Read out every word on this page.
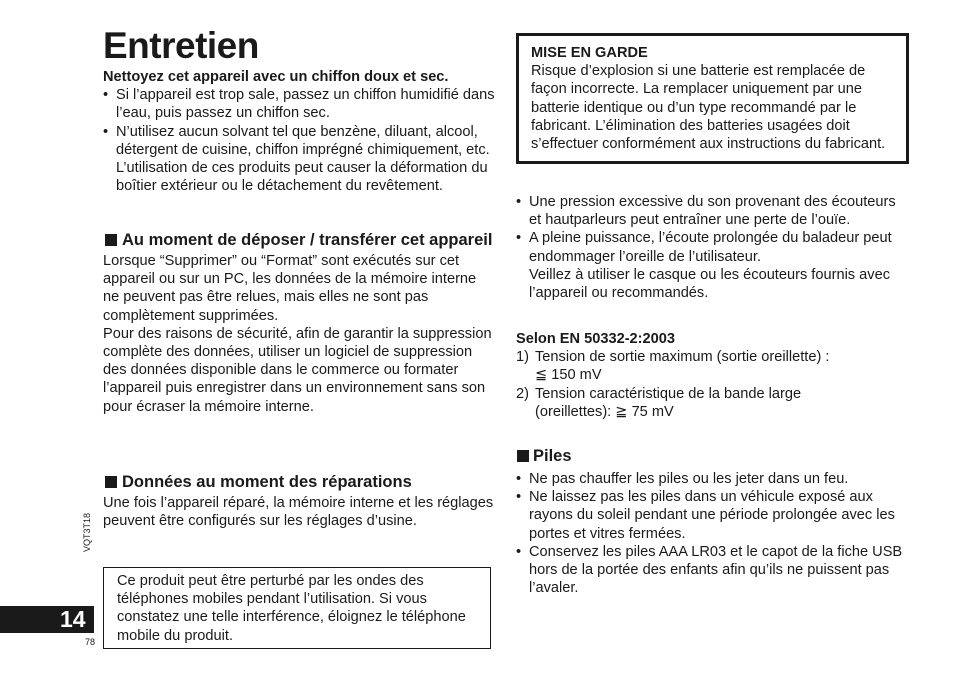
Entretien
Nettoyez cet appareil avec un chiffon doux et sec.
• Si l’appareil est trop sale, passez un chiffon humidifié dans l’eau, puis passez un chiffon sec.
• N’utilisez aucun solvant tel que benzène, diluant, alcool, détergent de cuisine, chiffon imprégné chimiquement, etc. L’utilisation de ces produits peut causer la déformation du boîtier extérieur ou le détachement du revêtement.
Au moment de déposer / transférer cet appareil
Lorsque “Supprimer” ou “Format” sont exécutés sur cet appareil ou sur un PC, les données de la mémoire interne ne peuvent pas être relues, mais elles ne sont pas complètement supprimées.
Pour des raisons de sécurité, afin de garantir la suppression complète des données, utiliser un logiciel de suppression des données disponible dans le commerce ou formater l’appareil puis enregistrer dans un environnement sans son pour écraser la mémoire interne.
Données au moment des réparations
Une fois l’appareil réparé, la mémoire interne et les réglages peuvent être configurés sur les réglages d’usine.
Ce produit peut être perturbé par les ondes des téléphones mobiles pendant l’utilisation. Si vous constatez une telle interférence, éloignez le téléphone mobile du produit.
VQT3T18
14
78
MISE EN GARDE
Risque d’explosion si une batterie est remplacée de façon incorrecte. La remplacer uniquement par une batterie identique ou d’un type recommandé par le fabricant. L’élimination des batteries usagées doit s’effectuer conformément aux instructions du fabricant.
• Une pression excessive du son provenant des écouteurs et hautparleurs peut entraîner une perte de l’ouïe.
• A pleine puissance, l’écoute prolongée du baladeur peut endommager l’oreille de l’utilisateur.
Veillez à utiliser le casque ou les écouteurs fournis avec l’appareil ou recommandés.
Selon EN 50332-2:2003
1) Tension de sortie maximum (sortie oreillette) :
≦ 150 mV
2) Tension caractéristique de la bande large
(oreillettes): ≧ 75 mV
Piles
• Ne pas chauffer les piles ou les jeter dans un feu.
• Ne laissez pas les piles dans un véhicule exposé aux rayons du soleil pendant une période prolongée avec les portes et vitres fermées.
• Conservez les piles AAA LR03 et le capot de la fiche USB hors de la portée des enfants afin qu’ils ne puissent pas l’avaler.
